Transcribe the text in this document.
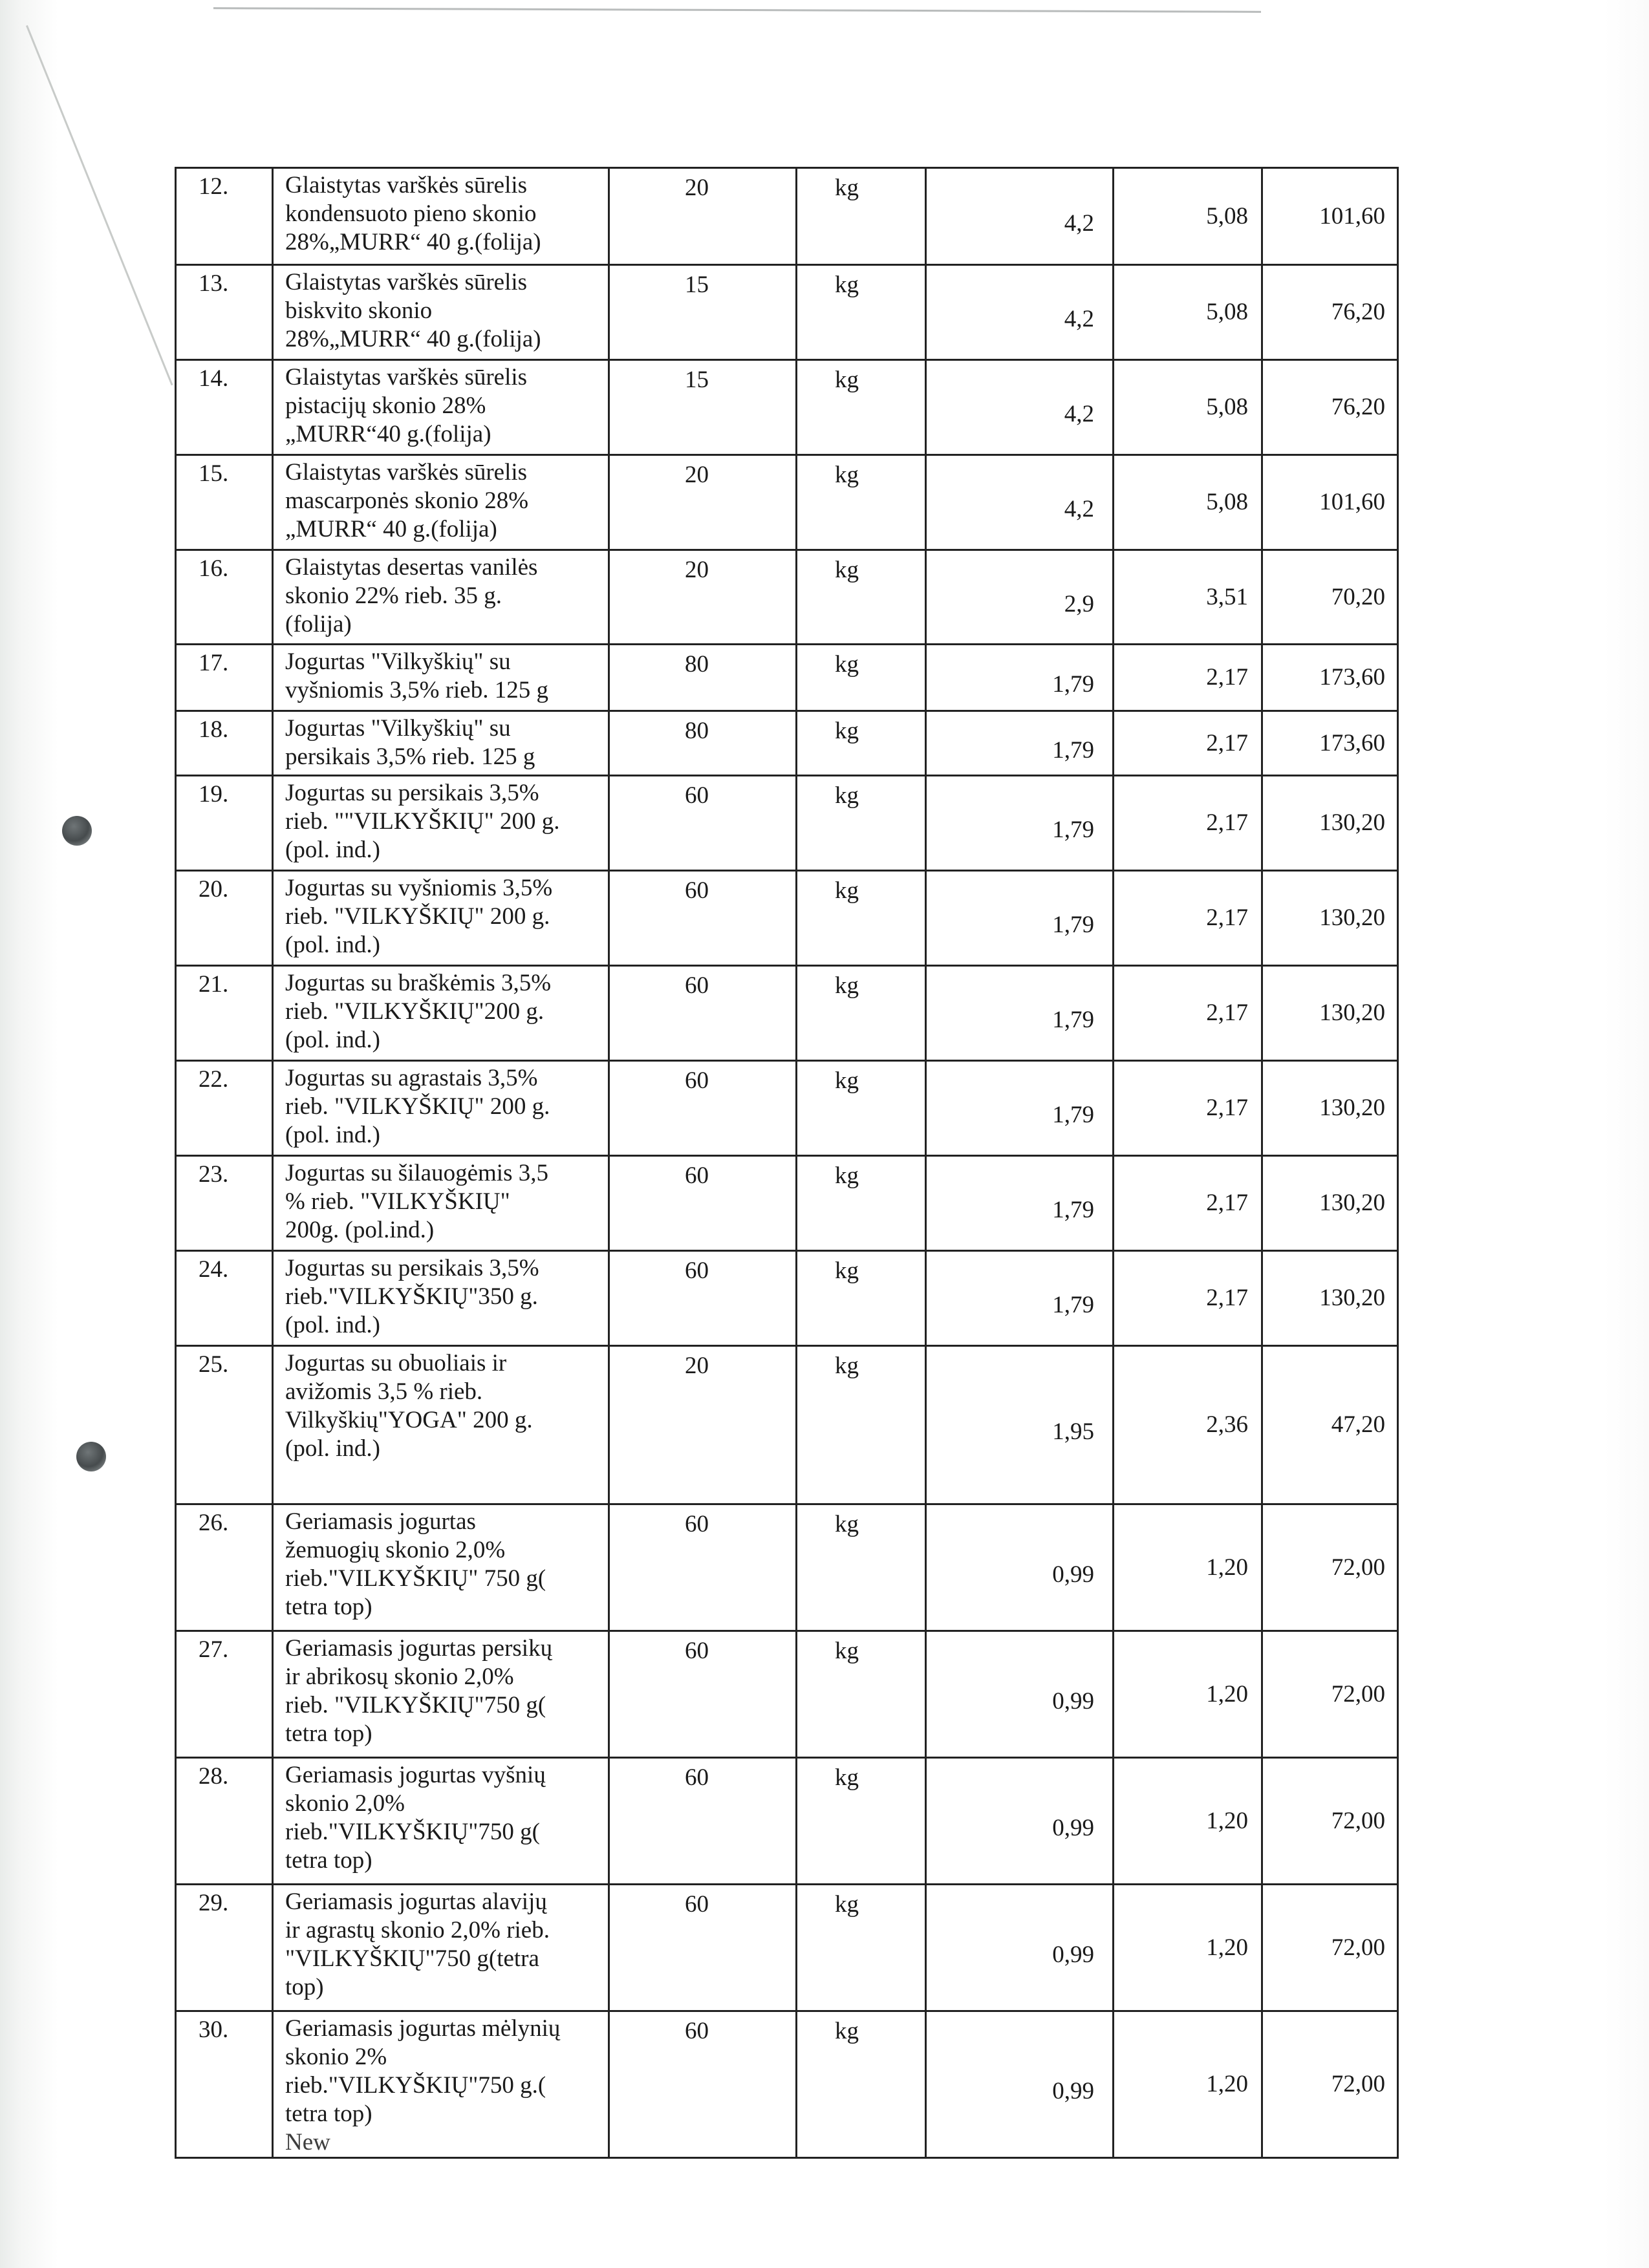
12.	Glaistytas varškės sūrelis
kondensuoto pieno skonio
28%„MURR“ 40 g.(folija)	20	kg	4,2	5,08	101,60
13.	Glaistytas varškės sūrelis
biskvito skonio
28%„MURR“ 40 g.(folija)	15	kg	4,2	5,08	76,20
14.	Glaistytas varškės sūrelis
pistacijų skonio 28%
„MURR“40 g.(folija)	15	kg	4,2	5,08	76,20
15.	Glaistytas varškės sūrelis
mascarponės skonio 28%
„MURR“ 40 g.(folija)	20	kg	4,2	5,08	101,60
16.	Glaistytas desertas vanilės
skonio 22% rieb. 35 g.
(folija)	20	kg	2,9	3,51	70,20
17.	Jogurtas "Vilkyškių" su
vyšniomis 3,5% rieb. 125 g	80	kg	1,79	2,17	173,60
18.	Jogurtas "Vilkyškių" su
persikais 3,5% rieb. 125 g	80	kg	1,79	2,17	173,60
19.	Jogurtas su persikais 3,5%
rieb. ""VILKYŠKIŲ" 200 g.
(pol. ind.)	60	kg	1,79	2,17	130,20
20.	Jogurtas su vyšniomis 3,5%
rieb. "VILKYŠKIŲ" 200 g.
(pol. ind.)	60	kg	1,79	2,17	130,20
21.	Jogurtas su braškėmis 3,5%
rieb. "VILKYŠKIŲ"200 g.
(pol. ind.)	60	kg	1,79	2,17	130,20
22.	Jogurtas su agrastais 3,5%
rieb. "VILKYŠKIŲ" 200 g.
(pol. ind.)	60	kg	1,79	2,17	130,20
23.	Jogurtas su šilauogėmis 3,5
% rieb. "VILKYŠKIŲ"
200g. (pol.ind.)	60	kg	1,79	2,17	130,20
24.	Jogurtas su persikais 3,5%
rieb."VILKYŠKIŲ"350 g.
(pol. ind.)	60	kg	1,79	2,17	130,20
25.	Jogurtas su obuoliais ir
avižomis 3,5 % rieb.
Vilkyškių"YOGA" 200 g.
(pol. ind.)	20	kg	1,95	2,36	47,20
26.	Geriamasis jogurtas
žemuogių skonio 2,0%
rieb."VILKYŠKIŲ" 750 g(
tetra top)	60	kg	0,99	1,20	72,00
27.	Geriamasis jogurtas persikų
ir abrikosų skonio 2,0%
rieb. "VILKYŠKIŲ"750 g(
tetra top)	60	kg	0,99	1,20	72,00
28.	Geriamasis jogurtas vyšnių
skonio 2,0%
rieb."VILKYŠKIŲ"750 g(
tetra top)	60	kg	0,99	1,20	72,00
29.	Geriamasis jogurtas alavijų
ir agrastų skonio 2,0% rieb.
"VILKYŠKIŲ"750 g(tetra
top)	60	kg	0,99	1,20	72,00
30.	Geriamasis jogurtas mėlynių
skonio 2%
rieb."VILKYŠKIŲ"750 g.(
tetra top)
New	60	kg	0,99	1,20	72,00
